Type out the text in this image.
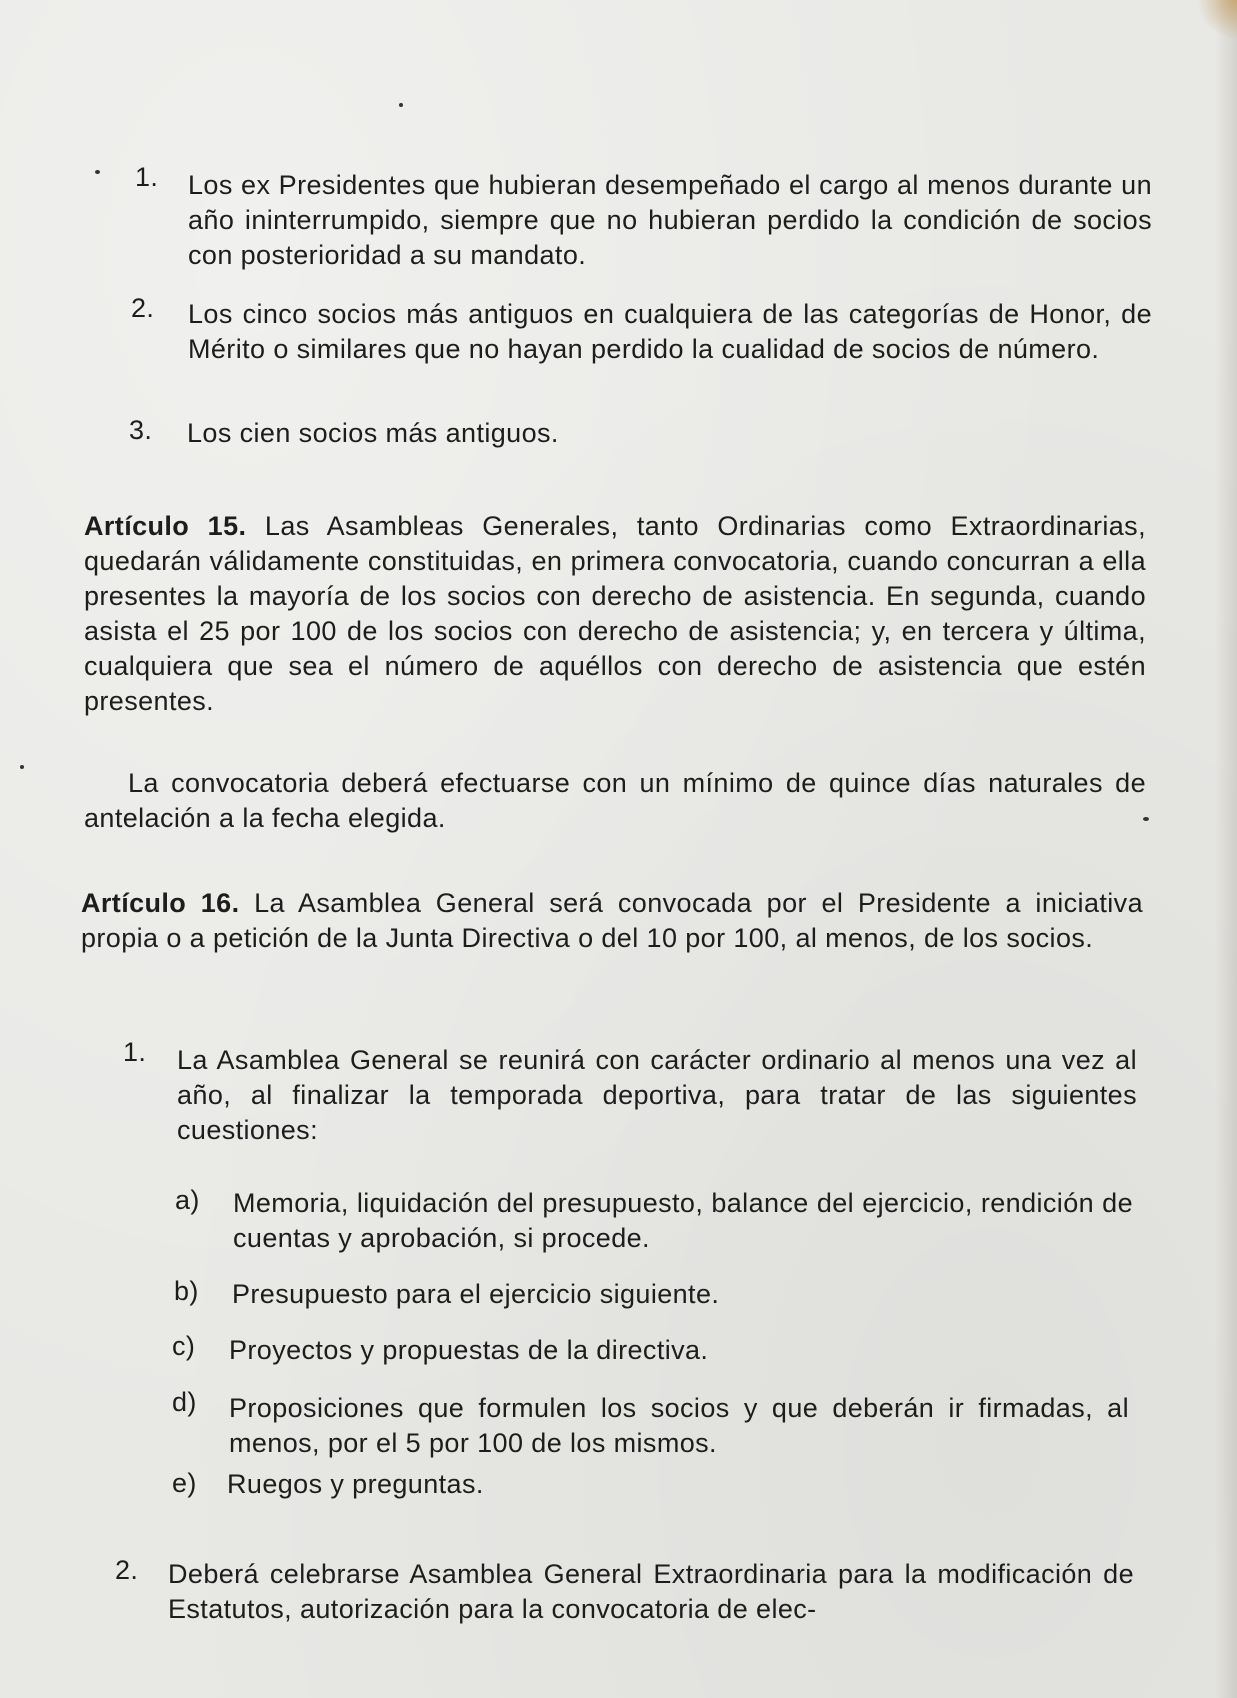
1. Los ex Presidentes que hubieran desempeñado el cargo al menos durante un año ininterrumpido, siempre que no hubieran perdido la condición de socios con posterioridad a su mandato.
2. Los cinco socios más antiguos en cualquiera de las categorías de Honor, de Mérito o similares que no hayan perdido la cualidad de socios de número.
3. Los cien socios más antiguos.
Artículo 15. Las Asambleas Generales, tanto Ordinarias como Extraordinarias, quedarán válidamente constituidas, en primera convocatoria, cuando concurran a ella presentes la mayoría de los socios con derecho de asistencia. En segunda, cuando asista el 25 por 100 de los socios con derecho de asistencia; y, en tercera y última, cualquiera que sea el número de aquéllos con derecho de asistencia que estén presentes.
La convocatoria deberá efectuarse con un mínimo de quince días naturales de antelación a la fecha elegida.
Artículo 16. La Asamblea General será convocada por el Presidente a iniciativa propia o a petición de la Junta Directiva o del 10 por 100, al menos, de los socios.
1. La Asamblea General se reunirá con carácter ordinario al menos una vez al año, al finalizar la temporada deportiva, para tratar de las siguientes cuestiones:
a) Memoria, liquidación del presupuesto, balance del ejercicio, rendición de cuentas y aprobación, si procede.
b) Presupuesto para el ejercicio siguiente.
c) Proyectos y propuestas de la directiva.
d) Proposiciones que formulen los socios y que deberán ir firmadas, al menos, por el 5 por 100 de los mismos.
e) Ruegos y preguntas.
2. Deberá celebrarse Asamblea General Extraordinaria para la modificación de Estatutos, autorización para la convocatoria de elec-
